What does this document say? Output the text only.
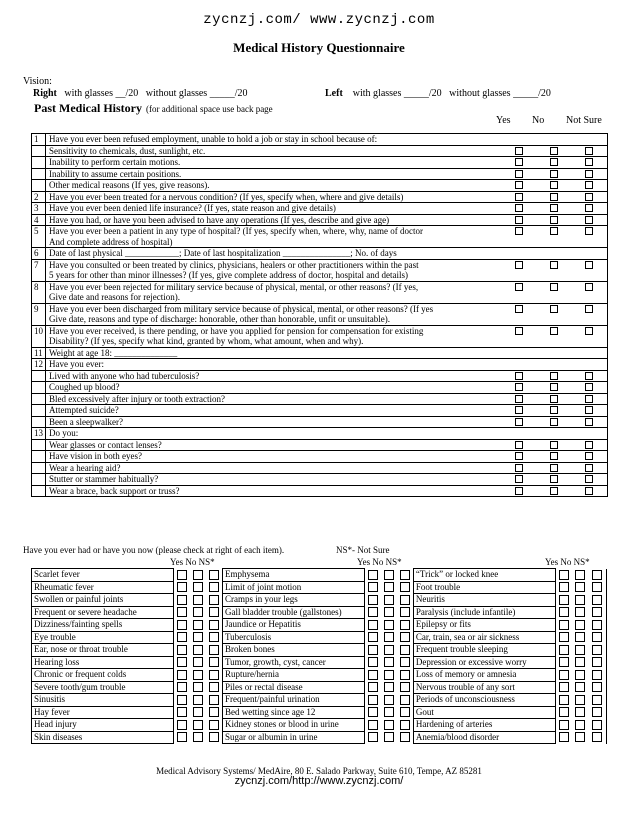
zycnzj.com/ www.zycnzj.com
Medical History Questionnaire
Vision:
Right with glasses __/20 without glasses _____/20	Left with glasses _____/20 without glasses _____/20
Past Medical History (for additional space use back page
Yes No Not Sure
1	Have you ever been refused employment, unable to hold a job or stay in school because of:			
	Sensitivity to chemicals, dust, sunlight, etc.			
	Inability to perform certain motions.			
	Inability to assume certain positions.			
	Other medical reasons (If yes, give reasons).			
2	Have you ever been treated for a nervous condition? (If yes, specify when, where and give details)			
3	Have you ever been denied life insurance? (If yes, state reason and give details)			
4	Have you had, or have you been advised to have any operations (If yes, describe and give age)			
5	Have you ever been a patient in any type of hospital? (If yes, specify when, where, why, name of doctor			
	And complete address of hospital)			
6	Date of last physical ____________; Date of last hospitalization _______________; No. of days			
7	Have you consulted or been treated by clinics, physicians, healers or other practitioners within the past			
	5 years for other than minor illnesses? (If yes, give complete address of doctor, hospital and details)			
8	Have you ever been rejected for military service because of physical, mental, or other reasons? (If yes,			
	Give date and reasons for rejection).			
9	Have you ever been discharged from military service because of physical, mental, or other reasons? (If yes			
	Give date, reasons and type of discharge: honorable, other than honorable, unfit or unsuitable).			
10	Have you ever received, is there pending, or have you applied for pension for compensation for existing			
	Disability? (If yes, specify what kind, granted by whom, what amount, when and why).			
11	Weight at age 18: ______________			
12	Have you ever:			
	Lived with anyone who had tuberculosis?			
	Coughed up blood?			
	Bled excessively after injury or tooth extraction?			
	Attempted suicide?			
	Been a sleepwalker?			
13	Do you:			
	Wear glasses or contact lenses?			
	Have vision in both eyes?			
	Wear a hearing aid?			
	Stutter or stammer habitually?			
	Wear a brace, back support or truss?			
Have you ever had or have you now (please check at right of each item).	NS*- Not Sure
Yes No NS*	Yes No NS*	Yes No NS*
Scarlet fever				Emphysema				“Trick” or locked knee			
Rheumatic fever				Limit of joint motion				Foot trouble			
Swollen or painful joints				Cramps in your legs				Neuritis			
Frequent or severe headache				Gall bladder trouble (gallstones)				Paralysis (include infantile)			
Dizziness/fainting spells				Jaundice or Hepatitis				Epilepsy or fits			
Eye trouble				Tuberculosis				Car, train, sea or air sickness			
Ear, nose or throat trouble				Broken bones				Frequent trouble sleeping			
Hearing loss				Tumor, growth, cyst, cancer				Depression or excessive worry			
Chronic or frequent colds				Rupture/hernia				Loss of memory or amnesia			
Severe tooth/gum trouble				Piles or rectal disease				Nervous trouble of any sort			
Sinusitis				Frequent/painful urination				Periods of unconsciousness			
Hay fever				Bed wetting since age 12				Gout			
Head injury				Kidney stones or blood in urine				Hardening of arteries			
Skin diseases				Sugar or albumin in urine				Anemia/blood disorder			
Medical Advisory Systems/ MedAire, 80 E. Salado Parkway, Suite 610, Tempe, AZ 85281
zycnzj.com/http://www.zycnzj.com/
